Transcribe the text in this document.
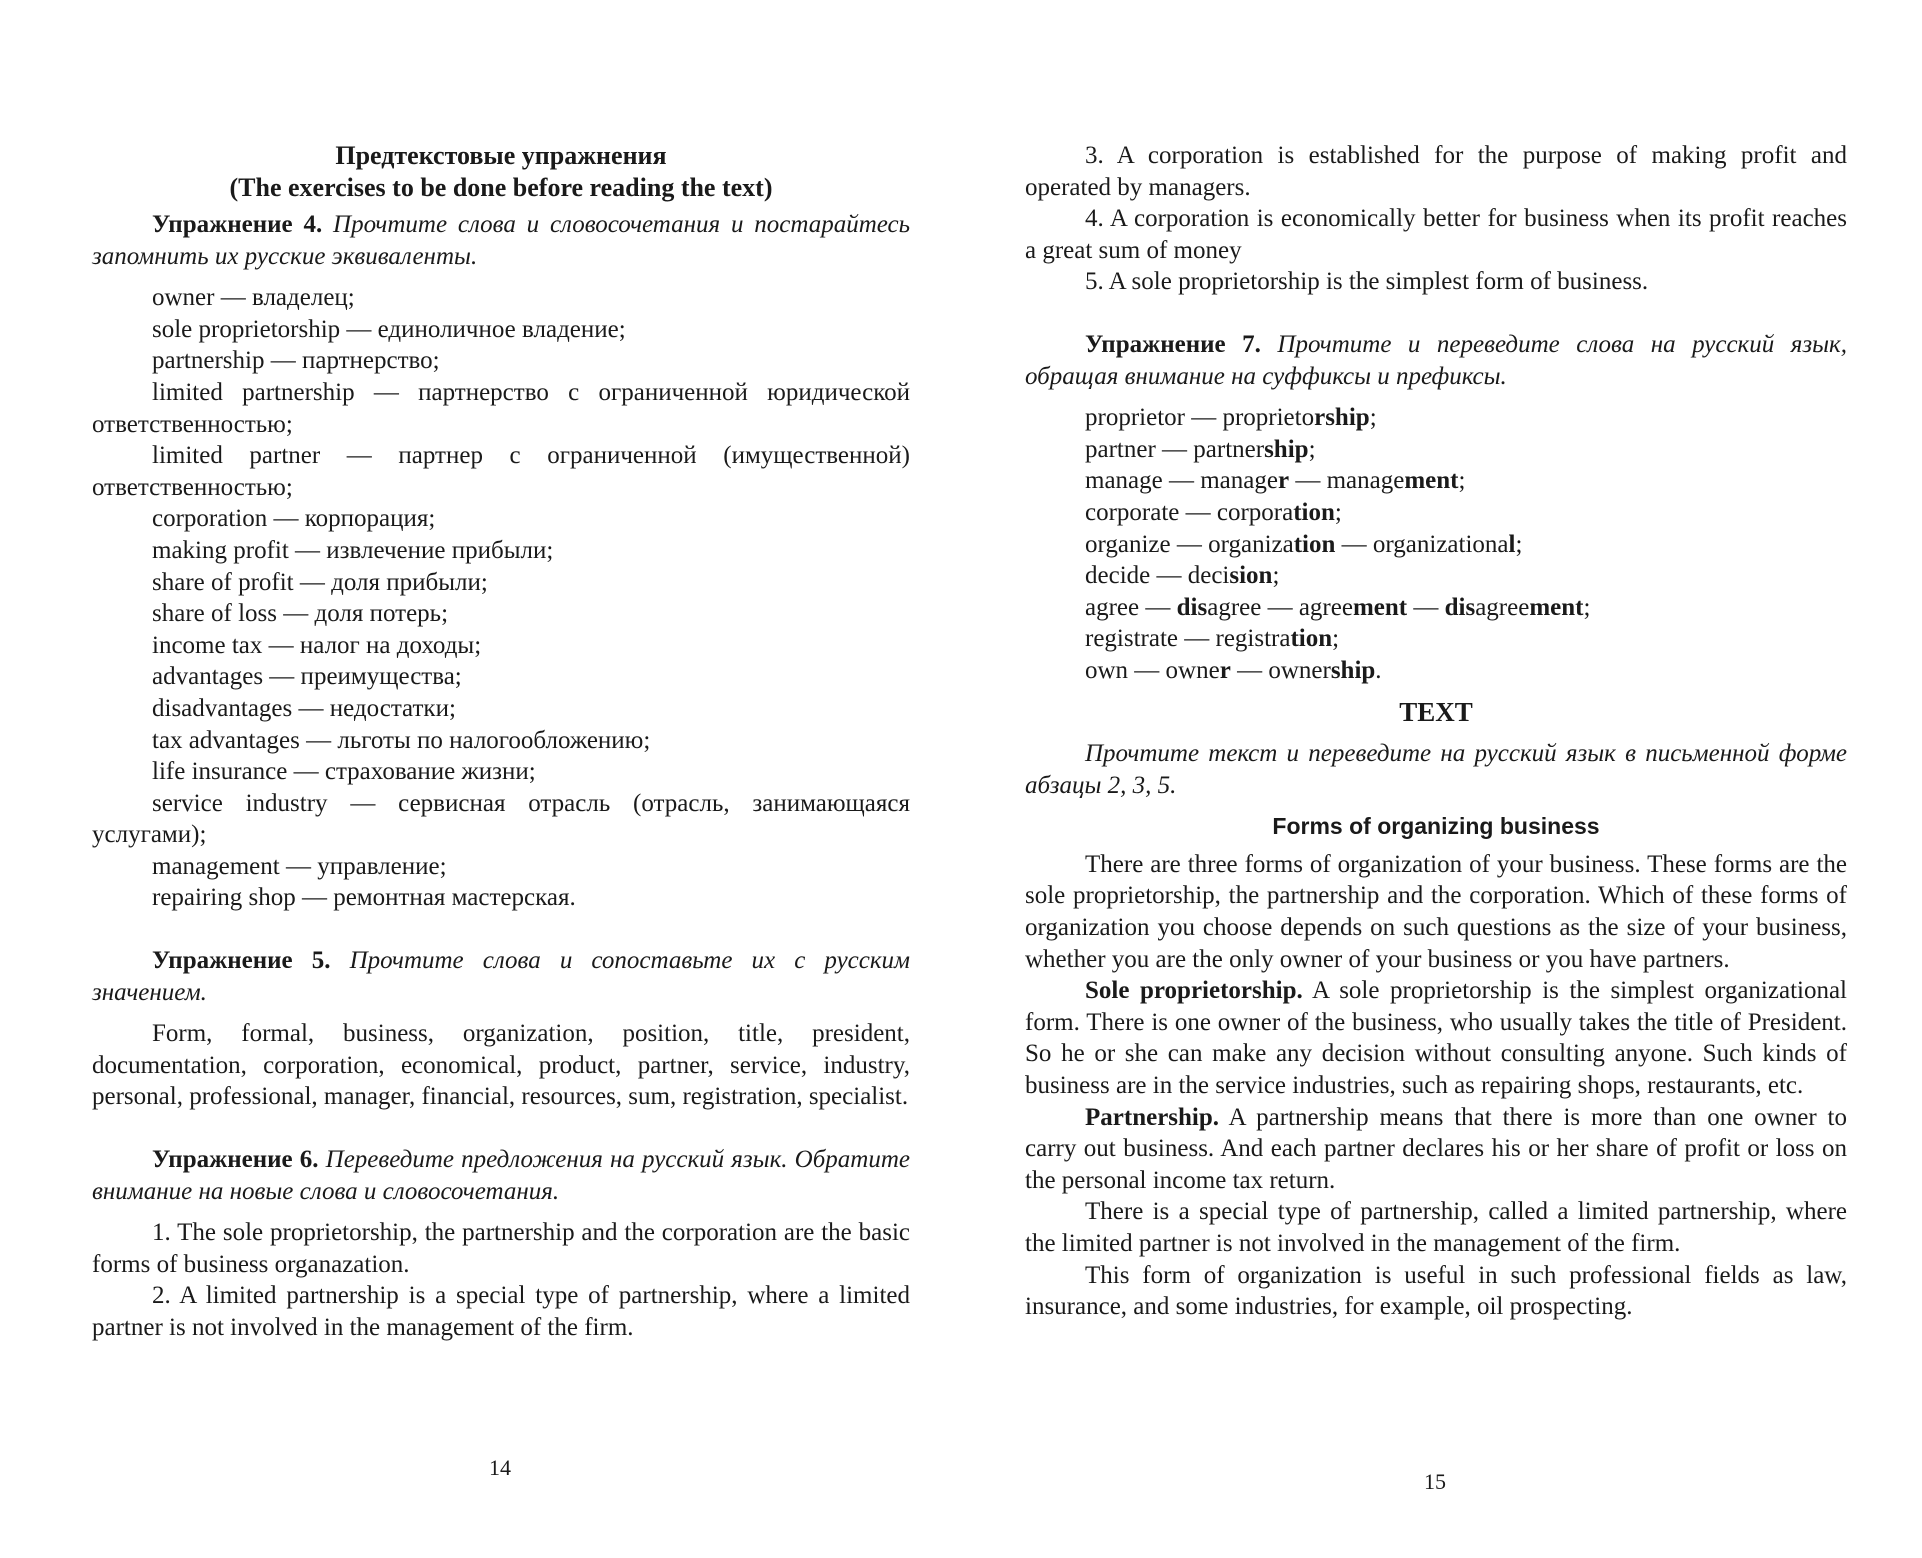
Предтекстовые упражнения
(The exercises to be done before reading the text)

Упражнение 4. Прочтите слова и словосочетания и постарайтесь запомнить их русские эквиваленты.

owner — владелец;
sole proprietorship — единоличное владение;
partnership — партнерство;
limited partnership — партнерство с ограниченной юридической ответственностью;
limited partner — партнер с ограниченной (имущественной) ответственностью;
corporation — корпорация;
making profit — извлечение прибыли;
share of profit — доля прибыли;
share of loss — доля потерь;
income tax — налог на доходы;
advantages — преимущества;
disadvantages — недостатки;
tax advantages — льготы по налогообложению;
life insurance — страхование жизни;
service industry — сервисная отрасль (отрасль, занимающаяся услугами);
management — управление;
repairing shop — ремонтная мастерская.

Упражнение 5. Прочтите слова и сопоставьте их с русским значением.

Form, formal, business, organization, position, title, president, documentation, corporation, economical, product, partner, service, industry, personal, professional, manager, financial, resources, sum, registration, specialist.

Упражнение 6. Переведите предложения на русский язык. Обратите внимание на новые слова и словосочетания.

1. The sole proprietorship, the partnership and the corporation are the basic forms of business organazation.

2. A limited partnership is a special type of partnership, where a limited partner is not involved in the management of the firm.

14

3. A corporation is established for the purpose of making profit and operated by managers.

4. A corporation is economically better for business when its profit reaches a great sum of money

5. A sole proprietorship is the simplest form of business.

Упражнение 7. Прочтите и переведите слова на русский язык, обращая внимание на суффиксы и префиксы.

proprietor — proprietorship;
partner — partnership;
manage — manager — management;
corporate — corporation;
organize — organization — organizational;
decide — decision;
agree — disagree — agreement — disagreement;
registrate — registration;
own — owner — ownership.
TEXT

Прочтите текст и переведите на русский язык в письменной форме абзацы 2, 3, 5.

Forms of organizing business

There are three forms of organization of your business. These forms are the sole proprietorship, the partnership and the corporation. Which of these forms of organization you choose depends on such questions as the size of your business, whether you are the only owner of your business or you have partners.

Sole proprietorship. A sole proprietorship is the simplest organizational form. There is one owner of the business, who usually takes the title of President. So he or she can make any decision without consulting anyone. Such kinds of business are in the service industries, such as repairing shops, restaurants, etc.

Partnership. A partnership means that there is more than one owner to carry out business. And each partner declares his or her share of profit or loss on the personal income tax return.

There is a special type of partnership, called a limited partnership, where the limited partner is not involved in the management of the firm.

This form of organization is useful in such professional fields as law, insurance, and some industries, for example, oil prospecting.

15
